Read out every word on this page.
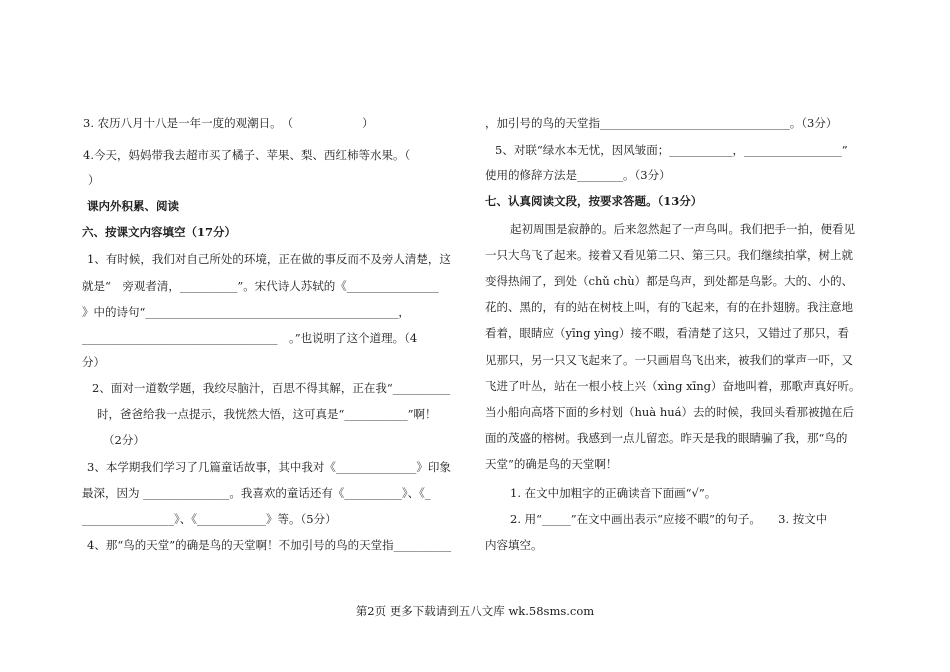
3. 农历八月十八是一年一度的观潮日。　（　　　　　　）
4.今天，妈妈带我去超市买了橘子、苹果、梨、西红柿等水果。（
）
课内外积累、阅读
六、按课文内容填空（17分）
1、有时候，我们对自己所处的环境，正在做的事反而不及旁人清楚，这
就是“　旁观者清，__________”。宋代诗人苏轼的《________________
》中的诗句“____________________________________________，
__________________________________　。”也说明了这个道理。（4
分）
2、面对一道数学题，我绞尽脑汁，百思不得其解，正在我“__________
时，爸爸给我一点提示，我恍然大悟，这可真是“___________”啊！
（2分）
3、本学期我们学习了几篇童话故事，其中我对《______________》印象
最深，因为 _______________。我喜欢的童话还有《__________》、《_
________________》、《____________》等。（5分）
4、那“鸟的天堂”的确是鸟的天堂啊！不加引号的鸟的天堂指__________
，加引号的鸟的天堂指_________________________________。（3分）
5、对联“绿水本无忧，因风皱面；___________，_________________”
使用的修辞方法是________。（3分）
七、认真阅读文段，按要求答题。（13分）
起初周围是寂静的。后来忽然起了一声鸟叫。我们把手一拍，便看见
一只大鸟飞了起来。接着又看见第二只、第三只。我们继续拍掌，树上就
变得热闹了，到处（chǔ chù）都是鸟声，到处都是鸟影。大的、小的、
花的、黑的，有的站在树枝上叫，有的飞起来，有的在扑翅膀。我注意地
看着，眼睛应（yīng yìng）接不暇，看清楚了这只，又错过了那只，看
见那只，另一只又飞起来了。一只画眉鸟飞出来，被我们的掌声一吓，又
飞进了叶丛，站在一根小枝上兴（xìng xīng）奋地叫着，那歌声真好听。
当小船向高塔下面的乡村划（huà huá）去的时候，我回头看那被抛在后
面的茂盛的榕树。我感到一点儿留恋。昨天是我的眼睛骗了我，那“鸟的
天堂”的确是鸟的天堂啊！
1. 在文中加粗字的正确读音下面画“√”。
2. 用“_____”在文中画出表示“应接不暇”的句子。　　3. 按文中
内容填空。
第2页 更多下载请到五八文库 wk.58sms.com
